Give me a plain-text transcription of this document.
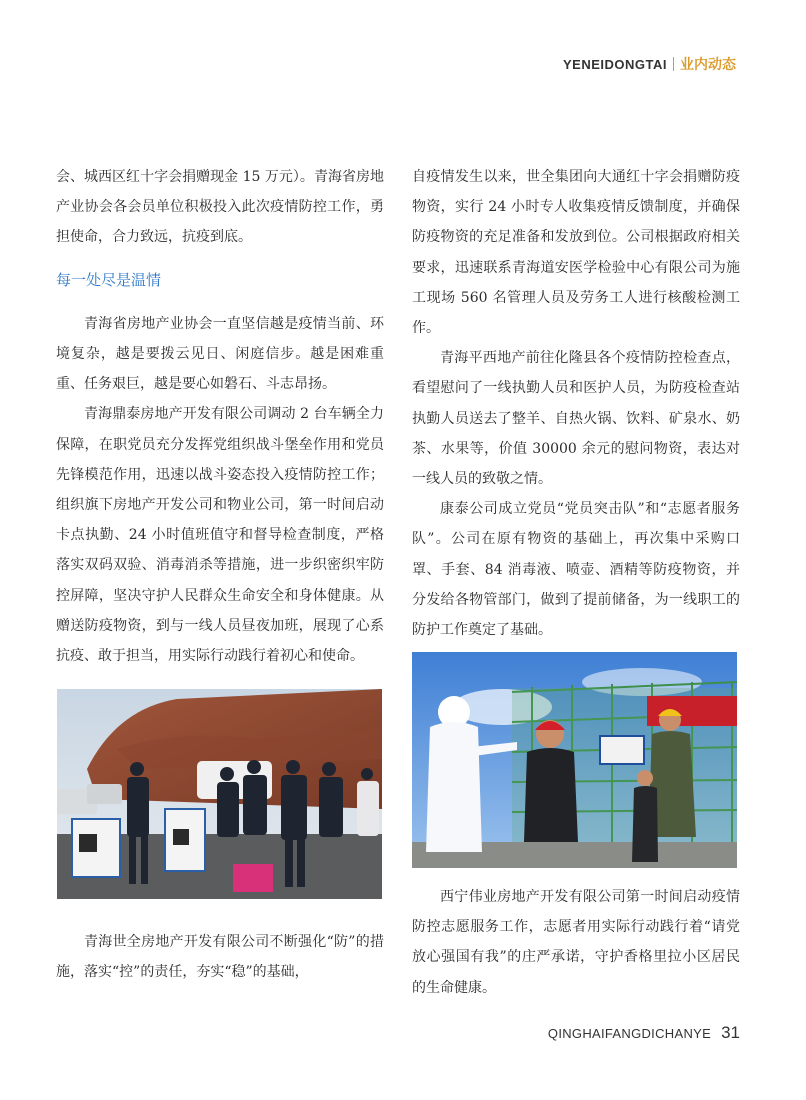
YENEIDONGTAI 业内动态

会、城西区红十字会捐赠现金 15 万元）。青海省房地产业协会各会员单位积极投入此次疫情防控工作，勇担使命，合力致远，抗疫到底。

每一处尽是温情

青海省房地产业协会一直坚信越是疫情当前、环境复杂，越是要拨云见日、闲庭信步。越是困难重重、任务艰巨，越是要心如磐石、斗志昂扬。

青海鼎泰房地产开发有限公司调动 2 台车辆全力保障，在职党员充分发挥党组织战斗堡垒作用和党员先锋模范作用，迅速以战斗姿态投入疫情防控工作；组织旗下房地产开发公司和物业公司，第一时间启动卡点执勤、24 小时值班值守和督导检查制度，严格落实双码双验、消毒消杀等措施，进一步织密织牢防控屏障，坚决守护人民群众生命安全和身体健康。从赠送防疫物资，到与一线人员昼夜加班，展现了心系抗疫、敢于担当，用实际行动践行着初心和使命。

青海世全房地产开发有限公司不断强化“防”的措施，落实“控”的责任，夯实“稳”的基础，

自疫情发生以来，世全集团向大通红十字会捐赠防疫物资，实行 24 小时专人收集疫情反馈制度，并确保防疫物资的充足准备和发放到位。公司根据政府相关要求，迅速联系青海道安医学检验中心有限公司为施工现场 560 名管理人员及劳务工人进行核酸检测工作。

青海平西地产前往化隆县各个疫情防控检查点，看望慰问了一线执勤人员和医护人员，为防疫检查站执勤人员送去了整羊、自热火锅、饮料、矿泉水、奶茶、水果等，价值 30000 余元的慰问物资，表达对一线人员的致敬之情。

康泰公司成立党员“党员突击队”和“志愿者服务队”。公司在原有物资的基础上，再次集中采购口罩、手套、84 消毒液、喷壶、酒精等防疫物资，并分发给各物管部门，做到了提前储备，为一线职工的防护工作奠定了基础。

西宁伟业房地产开发有限公司第一时间启动疫情防控志愿服务工作，志愿者用实际行动践行着“请党放心强国有我”的庄严承诺，守护香格里拉小区居民的生命健康。

QINGHAIFANGDICHANYE 31
